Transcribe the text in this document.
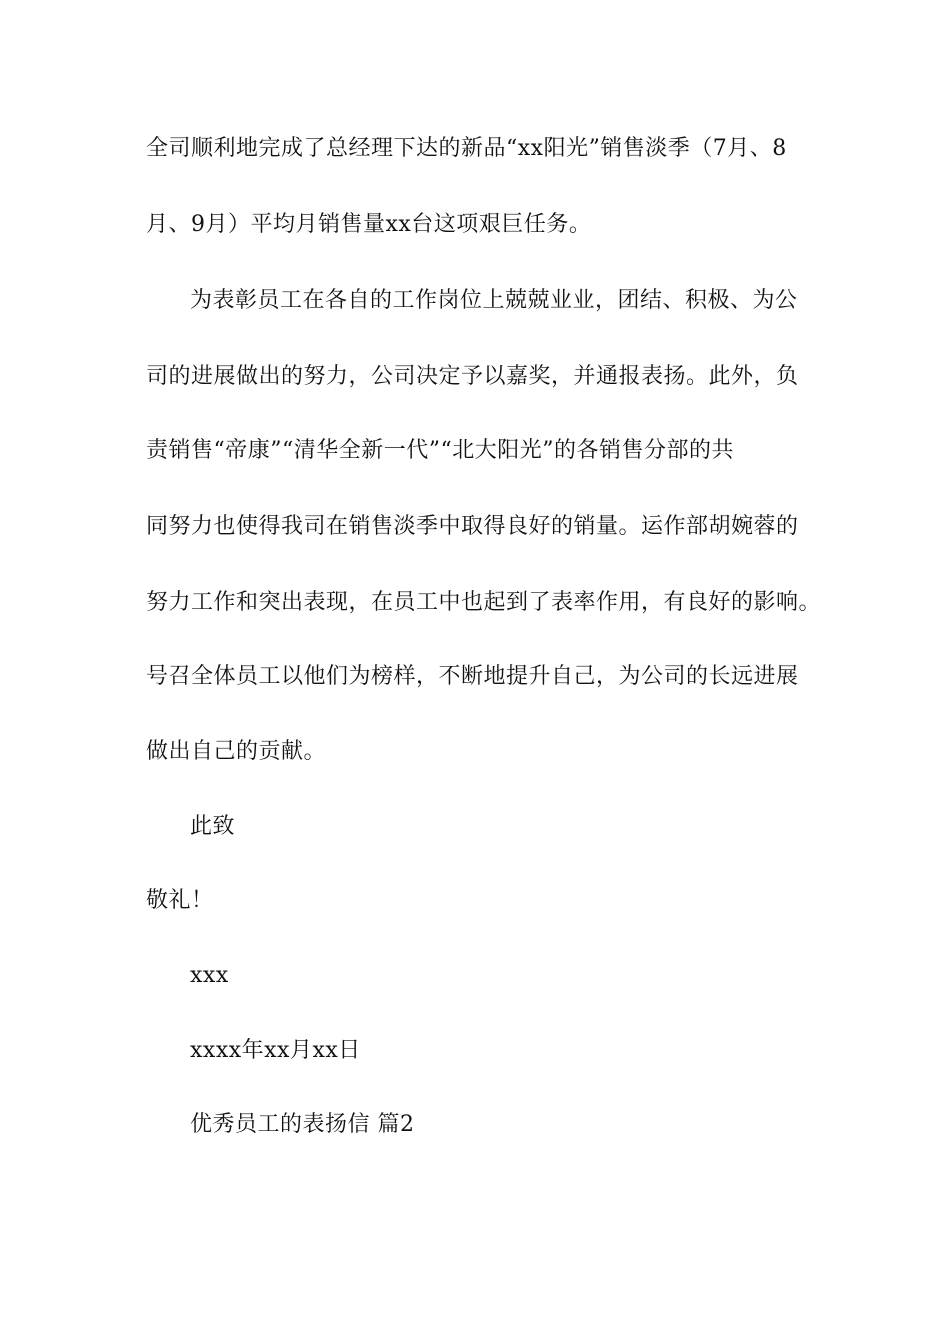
全司顺利地完成了总经理下达的新品“xx阳光”销售淡季（7月、8
月、9月）平均月销售量xx台这项艰巨任务。
为表彰员工在各自的工作岗位上兢兢业业，团结、积极、为公
司的进展做出的努力，公司决定予以嘉奖，并通报表扬。此外，负
责销售“帝康”“清华全新一代”“北大阳光”的各销售分部的共
同努力也使得我司在销售淡季中取得良好的销量。运作部胡婉蓉的
努力工作和突出表现，在员工中也起到了表率作用，有良好的影响。
号召全体员工以他们为榜样，不断地提升自己，为公司的长远进展
做出自己的贡献。
此致
敬礼！
xxx
xxxx年xx月xx日
优秀员工的表扬信 篇2
